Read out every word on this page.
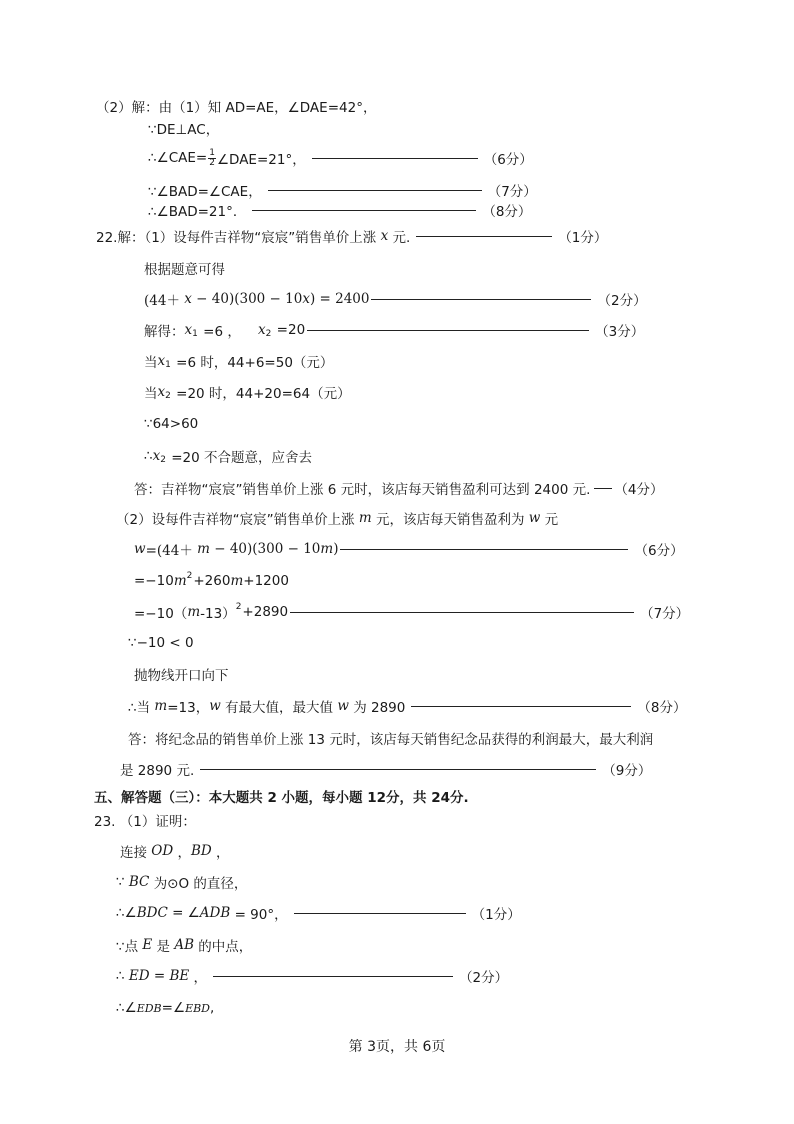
（2）解：由（1）知 AD=AE，∠DAE=42°，
∵DE⊥AC，
∴∠CAE= $\frac{1}{2}$ ∠DAE=21°，	（6分）
∵∠BAD=∠CAE，	（7分）
∴∠BAD=21°．	（8分）
22.解：（1）设每件吉祥物“宸宸”销售单价上涨 x 元.	（1分）
根据题意可得
(44＋ x − 40)(300 − 10 x ) = 2400	（2分）
解得： x 1 =6 ， x 2 =20	（3分）
当 x 1 =6 时，44+6=50（元）
当 x 2 =20 时，44+20=64（元）
∵64>60
∴ x 2 =20 不合题意，应舍去
答：吉祥物“宸宸”销售单价上涨 6 元时，该店每天销售盈利可达到 2400 元. （4分）
（2）设每件吉祥物“宸宸”销售单价上涨 m 元，该店每天销售盈利为 w 元
w =(44＋ m − 40)(300 − 10 m )	（6分）
=−10 m 2 +260 m +1200
=−10（ m -13） 2 +2890	（7分）
∵−10 < 0
抛物线开口向下
∴当 m =13， w 有最大值，最大值 w 为 2890	（8分）
答：将纪念品的销售单价上涨 13 元时，该店每天销售纪念品获得的利润最大，最大利润
是 2890 元.	（9分）
五、解答题（三）：本大题共 2 小题，每小题 12分，共 24分.
23. （1）证明：
连接 OD ， BD ，
∵ BC 为⊙O 的直径，
∴∠ BDC = ∠ ADB = 90°，	（1分）
∵点 E 是 AB 的中点，
∴ ED = BE ，	（2分）
∴∠ EDB =∠ EBD ,
第 3页，共 6页
